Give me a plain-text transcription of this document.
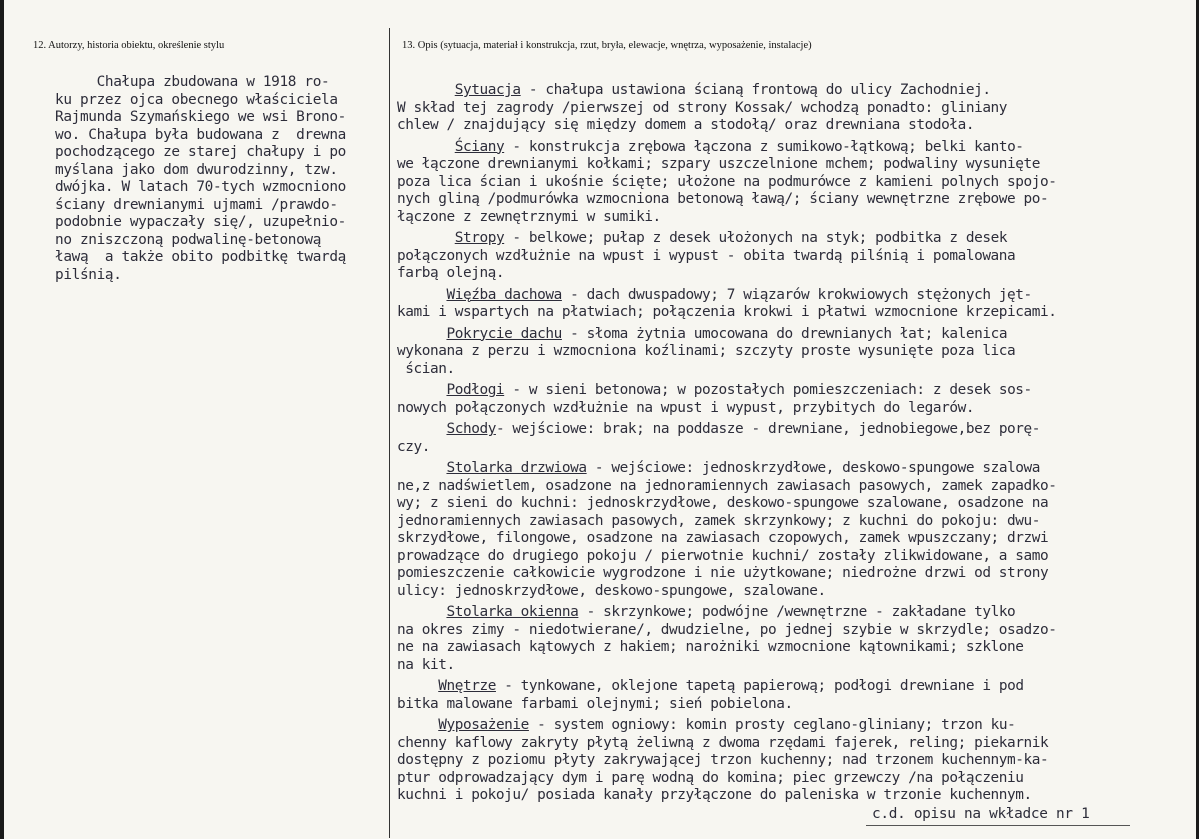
12. Autorzy, historia obiektu, określenie stylu	13. Opis (sytuacja, materiał i konstrukcja, rzut, bryła, elewacje, wnętrza, wyposażenie, instalacje)
Chałupa zbudowana w 1918 ro-
ku przez ojca obecnego właściciela
Rajmunda Szymańskiego we wsi Brono-
wo. Chałupa była budowana z  drewna
pochodzącego ze starej chałupy i po
myślana jako dom dwurodzinny, tzw.
dwójka. W latach 70-tych wzmocniono
ściany drewnianymi ujmami /prawdo-
podobnie wypaczały się/, uzupełnio-
no zniszczoną podwalinę-betonową
ławą  a także obito podbitkę twardą
pilśnią.
Sytuacja - chałupa ustawiona ścianą frontową do ulicy Zachodniej.
W skład tej zagrody /pierwszej od strony Kossak/ wchodzą ponadto: gliniany
chlew / znajdujący się między domem a stodołą/ oraz drewniana stodoła.
Ściany - konstrukcja zrębowa łączona z sumikowo-łątkową; belki kanto-
we łączone drewnianymi kołkami; szpary uszczelnione mchem; podwaliny wysunięte
poza lica ścian i ukośnie ścięte; ułożone na podmurówce z kamieni polnych spojo-
nych gliną /podmurówka wzmocniona betonową ławą/; ściany wewnętrzne zrębowe po-
łączone z zewnętrznymi w sumiki.
Stropy - belkowe; pułap z desek ułożonych na styk; podbitka z desek
połączonych wzdłużnie na wpust i wypust - obita twardą pilśnią i pomalowana
farbą olejną.
Więźba dachowa - dach dwuspadowy; 7 wiązarów krokwiowych stężonych jęt-
kami i wspartych na płatwiach; połączenia krokwi i płatwi wzmocnione krzepicami.
Pokrycie dachu - słoma żytnia umocowana do drewnianych łat; kalenica
wykonana z perzu i wzmocniona koźlinami; szczyty proste wysunięte poza lica
ścian.
Podłogi - w sieni betonowa; w pozostałych pomieszczeniach: z desek sos-
nowych połączonych wzdłużnie na wpust i wypust, przybitych do legarów.
Schody- wejściowe: brak; na poddasze - drewniane, jednobiegowe,bez porę-
czy.
Stolarka drzwiowa - wejściowe: jednoskrzydłowe, deskowo-spungowe szalowa
ne,z nadświetlem, osadzone na jednoramiennych zawiasach pasowych, zamek zapadko-
wy; z sieni do kuchni: jednoskrzydłowe, deskowo-spungowe szalowane, osadzone na
jednoramiennych zawiasach pasowych, zamek skrzynkowy; z kuchni do pokoju: dwu-
skrzydłowe, filongowe, osadzone na zawiasach czopowych, zamek wpuszczany; drzwi
prowadzące do drugiego pokoju / pierwotnie kuchni/ zostały zlikwidowane, a samo
pomieszczenie całkowicie wygrodzone i nie użytkowane; niedrożne drzwi od strony
ulicy: jednoskrzydłowe, deskowo-spungowe, szalowane.
Stolarka okienna - skrzynkowe; podwójne /wewnętrzne - zakładane tylko
na okres zimy - niedotwierane/, dwudzielne, po jednej szybie w skrzydle; osadzo-
ne na zawiasach kątowych z hakiem; narożniki wzmocnione kątownikami; szklone
na kit.
Wnętrze - tynkowane, oklejone tapetą papierową; podłogi drewniane i pod
bitka malowane farbami olejnymi; sień pobielona.
Wyposażenie - system ogniowy: komin prosty ceglano-gliniany; trzon ku-
chenny kaflowy zakryty płytą żeliwną z dwoma rzędami fajerek, reling; piekarnik
dostępny z poziomu płyty zakrywającej trzon kuchenny; nad trzonem kuchennym-ka-
ptur odprowadzający dym i parę wodną do komina; piec grzewczy /na połączeniu
kuchni i pokoju/ posiada kanały przyłączone do paleniska w trzonie kuchennym.
c.d. opisu na wkładce nr 1
